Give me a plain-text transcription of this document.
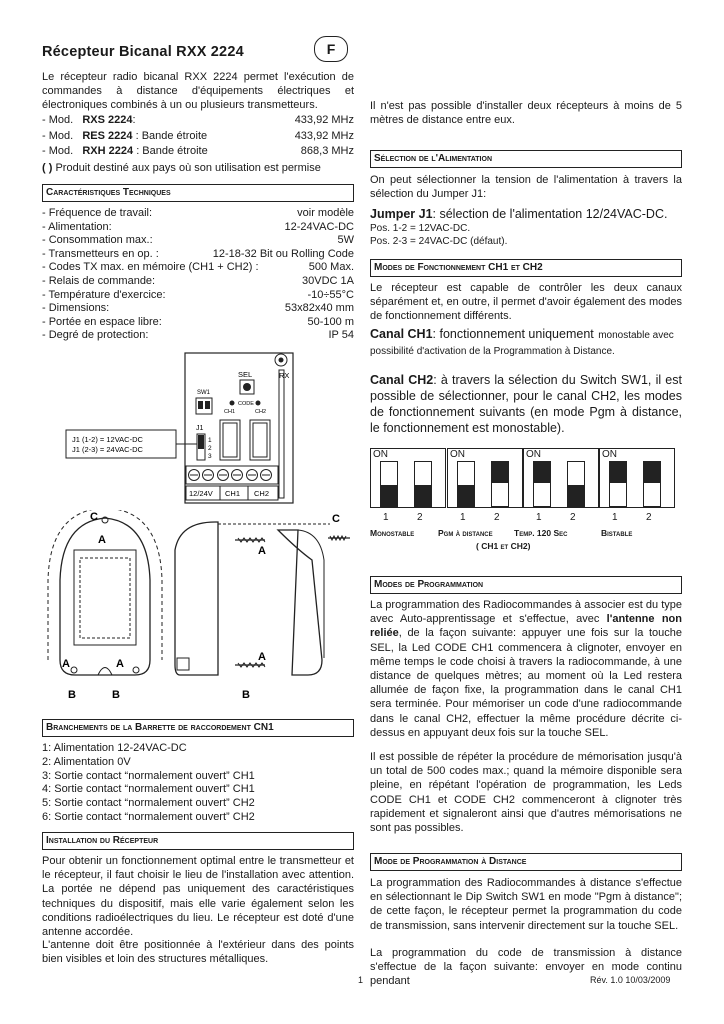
Récepteur Bicanal RXX 2224	F
Le récepteur radio bicanal RXX 2224 permet l'exécution de commandes à distance d'équipements électriques et électroniques combinés à un ou plusieurs transmetteurs.
- Mod. RXS 2224:	433,92 MHz
- Mod. RES 2224 : Bande étroite	433,92 MHz
- Mod. RXH 2224 : Bande étroite	868,3 MHz
( ) Produit destiné aux pays où son utilisation est permise
Caractéristiques Techniques
- Fréquence de travail:	voir modèle
- Alimentation:	12-24VAC-DC
- Consommation max.:	5W
- Transmetteurs en op. :	12-18-32 Bit ou Rolling Code
- Codes TX max. en mémoire (CH1 + CH2) :	500 Max.
- Relais de commande:	30VDC 1A
- Température d'exercice:	-10÷55°C
- Dimensions:	53x82x40 mm
- Portée en espace libre:	50-100 m
- Degré de protection:	IP 54
SEL	RX
SW1
CODE
CH1	CH2
J1
1
2
3
12/24V CH1 CH2
J1 (1-2) = 12VAC-DC
J1 (2-3) = 24VAC-DC
C
A
A	A
B	B
C
A
A
B
Branchements de la Barrette de raccordement CN1
1: Alimentation 12-24VAC-DC
2: Alimentation 0V
3: Sortie contact “normalement ouvert” CH1
4: Sortie contact “normalement ouvert” CH1
5: Sortie contact “normalement ouvert” CH2
6: Sortie contact “normalement ouvert” CH2
Installation du Récepteur
Pour obtenir un fonctionnement optimal entre le transmetteur et le récepteur, il faut choisir le lieu de l'installation avec attention. La portée ne dépend pas uniquement des caractéristiques techniques du dispositif, mais elle varie également selon les conditions radioélectriques du lieu. Le récepteur est doté d'une antenne accordée.
L'antenne doit être positionnée à l'extérieur dans des points bien visibles et loin des structures métalliques.
Il n'est pas possible d'installer deux récepteurs à moins de 5 mètres de distance entre eux.
Sélection de l'Alimentation
On peut sélectionner la tension de l'alimentation à travers la sélection du Jumper J1:
Jumper J1: sélection de l'alimentation 12/24VAC-DC.
Pos. 1-2 = 12VAC-DC.
Pos. 2-3 = 24VAC-DC (défaut).
Modes de Fonctionnement CH1 et CH2
Le récepteur est capable de contrôler les deux canaux séparément et, en outre, il permet d'avoir également des modes de fonctionnement différents.
Canal CH1: fonctionnement uniquement monostable avec possibilité d'activation de la Programmation à Distance.
Canal CH2: à travers la sélection du Switch SW1, il est possible de sélectionner, pour le canal CH2, les modes de fonctionnement suivants (en mode Pgm à distance, le fonctionnement est monostable).
ON	ON	ON	ON
1	2	1	2	1	2	1	2
Monostable	Pgm à distance	Temp. 120 Sec	Bistable
( CH1 et CH2)
Modes de Programmation
La programmation des Radiocommandes à associer est du type avec Auto-apprentissage et s'effectue, avec l'antenne non reliée, de la façon suivante: appuyer une fois sur la touche SEL, la Led CODE CH1 commencera à clignoter, envoyer en même temps le code choisi à travers la radiocommande, à une distance de quelques mètres; au moment où la Led restera allumée de façon fixe, la programmation dans le canal CH1 sera terminée. Pour mémoriser un code d'une radiocommande dans le canal CH2, effectuer la même procédure décrite ci-dessus en appuyant deux fois sur la touche SEL.
Il est possible de répéter la procédure de mémorisation jusqu'à un total de 500 codes max.; quand la mémoire disponible sera pleine, en répétant l'opération de programmation, les Leds CODE CH1 et CODE CH2 commenceront à clignoter très rapidement et signaleront ainsi que d'autres mémorisations ne sont pas possibles.
Mode de Programmation à Distance
La programmation des Radiocommandes à distance s'effectue en sélectionnant le Dip Switch SW1 en mode "Pgm à distance"; de cette façon, le récepteur permet la programmation du code de transmission, sans intervenir directement sur la touche SEL.
La programmation du code de transmission à distance s'effectue de la façon suivante: envoyer en mode continu pendant
1	Rév. 1.0 10/03/2009
